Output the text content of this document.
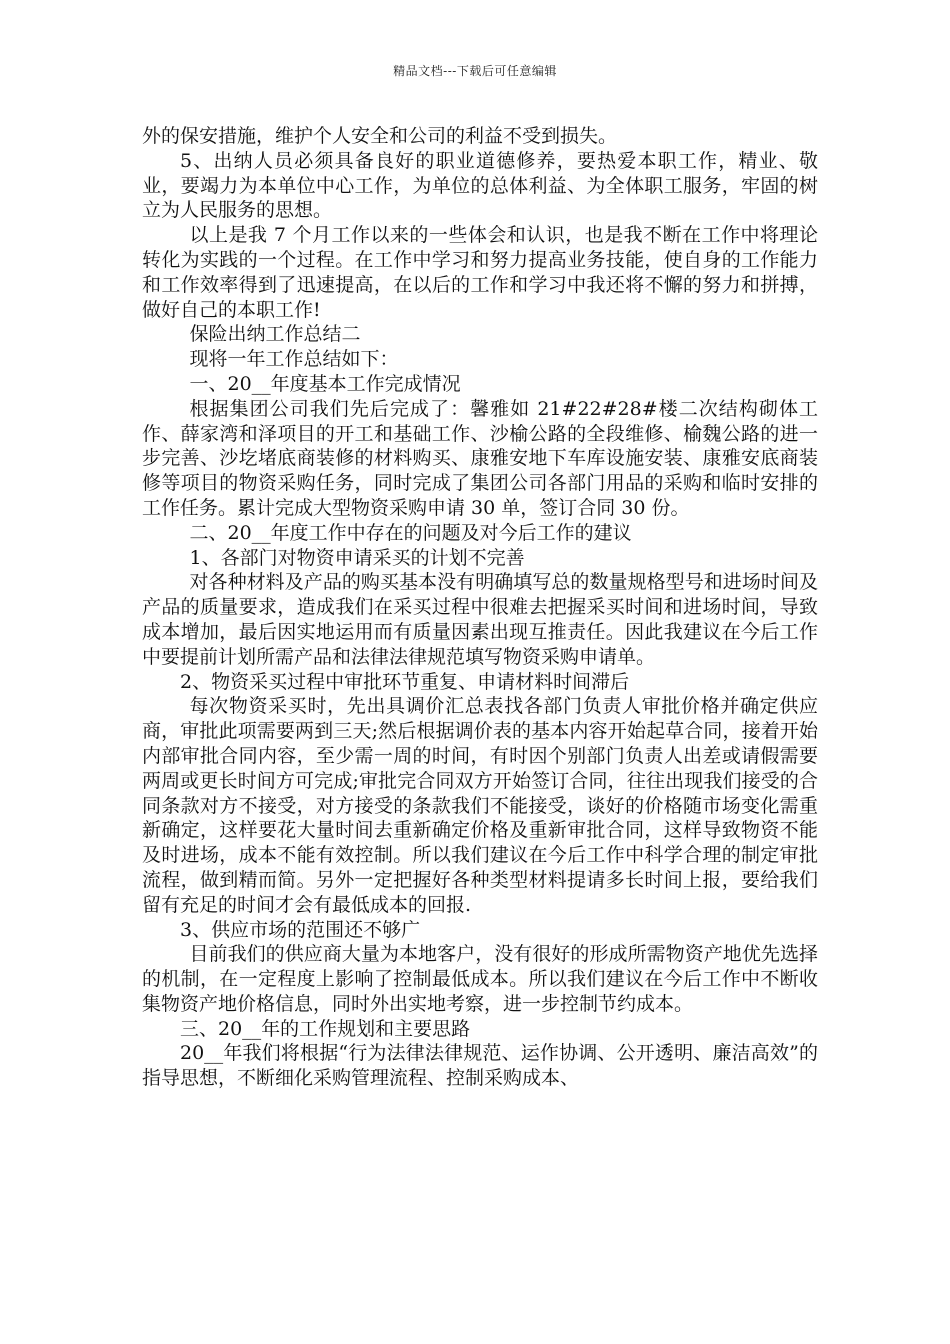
精品文档---下载后可任意编辑

外的保安措施，维护个人安全和公司的利益不受到损失。

5、出纳人员必须具备良好的职业道德修养，要热爱本职工作，精业、敬业，要竭力为本单位中心工作，为单位的总体利益、为全体职工服务，牢固的树立为人民服务的思想。

以上是我 7 个月工作以来的一些体会和认识，也是我不断在工作中将理论转化为实践的一个过程。在工作中学习和努力提高业务技能，使自身的工作能力和工作效率得到了迅速提高，在以后的工作和学习中我还将不懈的努力和拼搏，做好自己的本职工作!

保险出纳工作总结二

现将一年工作总结如下：

一、20__年度基本工作完成情况

根据集团公司我们先后完成了：馨雅如 21#22#28#楼二次结构砌体工作、薛家湾和泽项目的开工和基础工作、沙榆公路的全段维修、榆魏公路的进一步完善、沙圪堵底商装修的材料购买、康雅安地下车库设施安装、康雅安底商装修等项目的物资采购任务，同时完成了集团公司各部门用品的采购和临时安排的工作任务。累计完成大型物资采购申请 30 单，签订合同 30 份。

二、20__年度工作中存在的问题及对今后工作的建议

1、各部门对物资申请采买的计划不完善

对各种材料及产品的购买基本没有明确填写总的数量规格型号和进场时间及产品的质量要求，造成我们在采买过程中很难去把握采买时间和进场时间，导致成本增加，最后因实地运用而有质量因素出现互推责任。因此我建议在今后工作中要提前计划所需产品和法律法律规范填写物资采购申请单。

2、物资采买过程中审批环节重复、申请材料时间滞后

每次物资采买时，先出具调价汇总表找各部门负责人审批价格并确定供应商，审批此项需要两到三天;然后根据调价表的基本内容开始起草合同，接着开始内部审批合同内容，至少需一周的时间，有时因个别部门负责人出差或请假需要两周或更长时间方可完成;审批完合同双方开始签订合同，往往出现我们接受的合同条款对方不接受，对方接受的条款我们不能接受，谈好的价格随市场变化需重新确定，这样要花大量时间去重新确定价格及重新审批合同，这样导致物资不能及时进场，成本不能有效控制。所以我们建议在今后工作中科学合理的制定审批流程，做到精而简。另外一定把握好各种类型材料提请多长时间上报，要给我们留有充足的时间才会有最低成本的回报.

3、供应市场的范围还不够广

目前我们的供应商大量为本地客户，没有很好的形成所需物资产地优先选择的机制，在一定程度上影响了控制最低成本。所以我们建议在今后工作中不断收集物资产地价格信息，同时外出实地考察，进一步控制节约成本。

三、20__年的工作规划和主要思路

20__年我们将根据“行为法律法律规范、运作协调、公开透明、廉洁高效”的指导思想，不断细化采购管理流程、控制采购成本、
